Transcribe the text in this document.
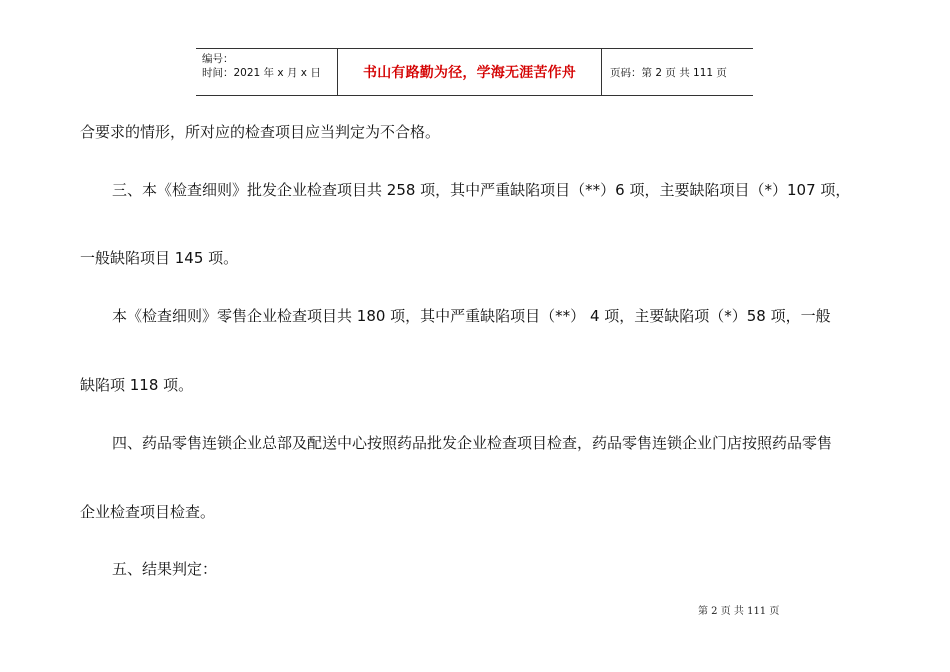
编号：
时间：2021 年 x 月 x 日	书山有路勤为径，学海无涯苦作舟	页码：第 2 页 共 111 页

合要求的情形，所对应的检查项目应当判定为不合格。

三、本《检查细则》批发企业检查项目共 258 项，其中严重缺陷项目（**）6 项，主要缺陷项目（*）107 项，

一般缺陷项目 145 项。

本《检查细则》零售企业检查项目共 180 项，其中严重缺陷项目（**） 4 项，主要缺陷项（*）58 项，一般

缺陷项 118 项。

四、药品零售连锁企业总部及配送中心按照药品批发企业检查项目检查，药品零售连锁企业门店按照药品零售

企业检查项目检查。

五、结果判定：

第 2 页 共 111 页
